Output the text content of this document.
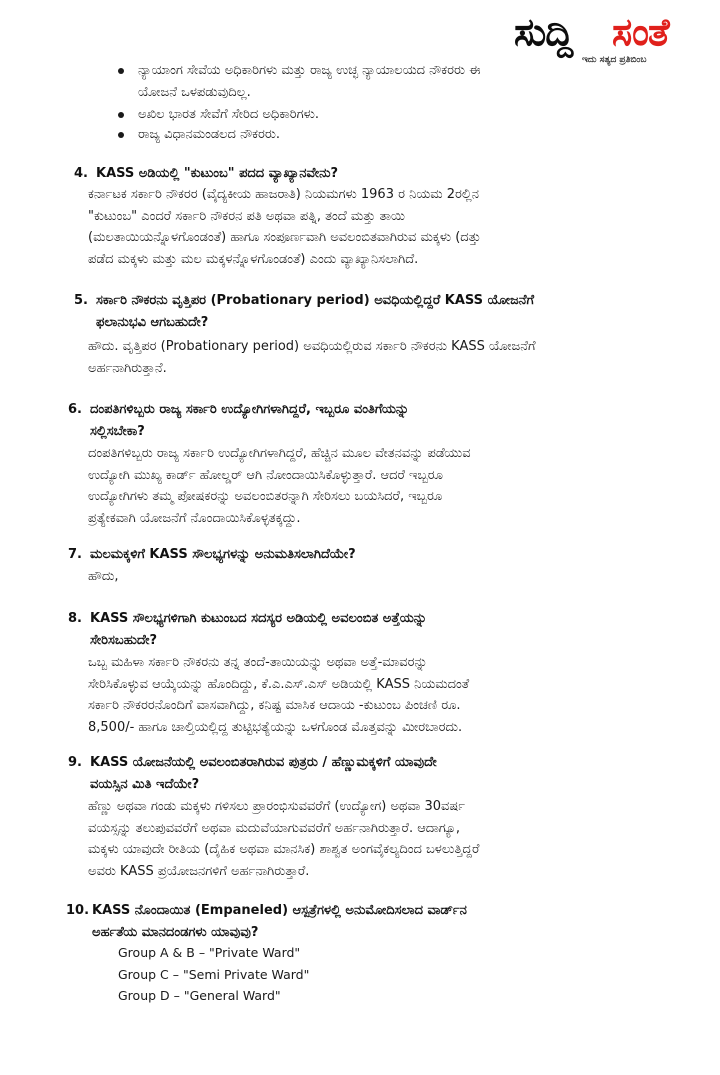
ಸುದ್ದಿ ಸಂತೆ
ಇದು ಸತ್ಯದ ಪ್ರತಿಬಿಂಬ
ನ್ಯಾಯಾಂಗ ಸೇವೆಯ ಅಧಿಕಾರಿಗಳು ಮತ್ತು ರಾಜ್ಯ ಉಚ್ಛ ನ್ಯಾಯಾಲಯದ ನೌಕರರು ಈ
ಯೋಜನೆ ಒಳಪಡುವುದಿಲ್ಲ.
ಅಖಿಲ ಭಾರತ ಸೇವೆಗೆ ಸೇರಿದ ಅಧಿಕಾರಿಗಳು.
ರಾಜ್ಯ ವಿಧಾನಮಂಡಲದ ನೌಕರರು.
4. KASS ಅಡಿಯಲ್ಲಿ "ಕುಟುಂಬ" ಪದದ ವ್ಯಾಖ್ಯಾನವೇನು?

ಕರ್ನಾಟಕ ಸರ್ಕಾರಿ ನೌಕರರ (ವೈದ್ಯಕೀಯ ಹಾಜರಾತಿ) ನಿಯಮಗಳು 1963 ರ ನಿಯಮ 2ರಲ್ಲಿನ

"ಕುಟುಂಬ" ಎಂದರೆ ಸರ್ಕಾರಿ ನೌಕರನ ಪತಿ ಅಥವಾ ಪತ್ನಿ, ತಂದೆ ಮತ್ತು ತಾಯಿ

(ಮಲತಾಯಿಯನ್ನೊಳಗೊಂಡಂತೆ) ಹಾಗೂ ಸಂಪೂರ್ಣವಾಗಿ ಅವಲಂಬಿತವಾಗಿರುವ ಮಕ್ಕಳು (ದತ್ತು

ಪಡೆದ ಮಕ್ಕಳು ಮತ್ತು ಮಲ ಮಕ್ಕಳನ್ನೊಳಗೊಂಡಂತೆ) ಎಂದು ವ್ಯಾಖ್ಯಾನಿಸಲಾಗಿದೆ.

5. ಸರ್ಕಾರಿ ನೌಕರನು ವೃತ್ತಿಪರ (Probationary period) ಅವಧಿಯಲ್ಲಿದ್ದರೆ KASS ಯೋಜನೆಗೆ
ಫಲಾನುಭವಿ ಆಗಬಹುದೇ?

ಹೌದು. ವೃತ್ತಿಪರ (Probationary period) ಅವಧಿಯಲ್ಲಿರುವ ಸರ್ಕಾರಿ ನೌಕರನು KASS ಯೋಜನೆಗೆ

ಅರ್ಹನಾಗಿರುತ್ತಾನೆ.

6. ದಂಪತಿಗಳಿಬ್ಬರು ರಾಜ್ಯ ಸರ್ಕಾರಿ ಉದ್ಯೋಗಿಗಳಾಗಿದ್ದರೆ, ಇಬ್ಬರೂ ವಂತಿಗೆಯನ್ನು
ಸಲ್ಲಿಸಬೇಕಾ?

ದಂಪತಿಗಳಿಬ್ಬರು ರಾಜ್ಯ ಸರ್ಕಾರಿ ಉದ್ಯೋಗಿಗಳಾಗಿದ್ದರೆ, ಹೆಚ್ಚಿನ ಮೂಲ ವೇತನವನ್ನು ಪಡೆಯುವ

ಉದ್ಯೋಗಿ ಮುಖ್ಯ ಕಾರ್ಡ್ ಹೋಲ್ಡರ್ ಆಗಿ ನೋಂದಾಯಿಸಿಕೊಳ್ಳುತ್ತಾರೆ. ಆದರೆ ಇಬ್ಬರೂ

ಉದ್ಯೋಗಿಗಳು ತಮ್ಮ ಪೋಷಕರನ್ನು ಅವಲಂಬಿತರನ್ನಾಗಿ ಸೇರಿಸಲು ಬಯಸಿದರೆ, ಇಬ್ಬರೂ

ಪ್ರತ್ಯೇಕವಾಗಿ ಯೋಜನೆಗೆ ನೊಂದಾಯಿಸಿಕೊಳ್ಳತಕ್ಕದ್ದು.

7. ಮಲಮಕ್ಕಳಿಗೆ KASS ಸೌಲಭ್ಯಗಳನ್ನು ಅನುಮತಿಸಲಾಗಿದೆಯೇ?

ಹೌದು,

8. KASS ಸೌಲಭ್ಯಗಳಿಗಾಗಿ ಕುಟುಂಬದ ಸದಸ್ಯರ ಅಡಿಯಲ್ಲಿ ಅವಲಂಬಿತ ಅತ್ತೆಯನ್ನು
ಸೇರಿಸಬಹುದೇ?

ಒಬ್ಬ ಮಹಿಳಾ ಸರ್ಕಾರಿ ನೌಕರನು ತನ್ನ ತಂದೆ-ತಾಯಿಯನ್ನು ಅಥವಾ ಅತ್ತೆ-ಮಾವರನ್ನು

ಸೇರಿಸಿಕೊಳ್ಳುವ ಆಯ್ಕೆಯನ್ನು ಹೊಂದಿದ್ದು, ಕೆ.ಎ.ಎಸ್.ಎಸ್ ಅಡಿಯಲ್ಲಿ KASS ನಿಯಮದಂತೆ

ಸರ್ಕಾರಿ ನೌಕರರನೊಂದಿಗೆ ವಾಸವಾಗಿದ್ದು, ಕನಿಷ್ಟ ಮಾಸಿಕ ಆದಾಯ -ಕುಟುಂಬ ಪಿಂಚಣಿ ರೂ.

8,500/- ಹಾಗೂ ಚಾಲ್ತಿಯಲ್ಲಿದ್ದ ತುಟ್ಟಿಭತ್ಯೆಯನ್ನು ಒಳಗೊಂಡ ಮೊತ್ತವನ್ನು ಮೀರಬಾರದು.

9. KASS ಯೋಜನೆಯಲ್ಲಿ ಅವಲಂಬಿತರಾಗಿರುವ ಪುತ್ರರು / ಹೆಣ್ಣುಮಕ್ಕಳಿಗೆ ಯಾವುದೇ
ವಯಸ್ಸಿನ ಮಿತಿ ಇದೆಯೇ?

ಹೆಣ್ಣು ಅಥವಾ ಗಂಡು ಮಕ್ಕಳು ಗಳಿಸಲು ಪ್ರಾರಂಭಿಸುವವರೆಗೆ (ಉದ್ಯೋಗ) ಅಥವಾ 30ವರ್ಷ

ವಯಸ್ಸನ್ನು ತಲುಪುವವರೆಗೆ ಅಥವಾ ಮದುವೆಯಾಗುವವರೆಗೆ ಅರ್ಹನಾಗಿರುತ್ತಾರೆ. ಆದಾಗ್ಯೂ,

ಮಕ್ಕಳು ಯಾವುದೇ ರೀತಿಯ (ದೈಹಿಕ ಅಥವಾ ಮಾನಸಿಕ) ಶಾಶ್ವತ ಅಂಗವೈಕಲ್ಯದಿಂದ ಬಳಲುತ್ತಿದ್ದರೆ

ಅವರು KASS ಪ್ರಯೋಜನಗಳಿಗೆ ಅರ್ಹನಾಗಿರುತ್ತಾರೆ.

10. KASS ನೊಂದಾಯಿತ (Empaneled) ಆಸ್ಪತ್ರೆಗಳಲ್ಲಿ ಅನುಮೋದಿಸಲಾದ ವಾರ್ಡ್‌ನ
ಅರ್ಹತೆಯ ಮಾನದಂಡಗಳು ಯಾವುವು?
Group A & B – "Private Ward"
Group C – "Semi Private Ward"
Group D – "General Ward"
